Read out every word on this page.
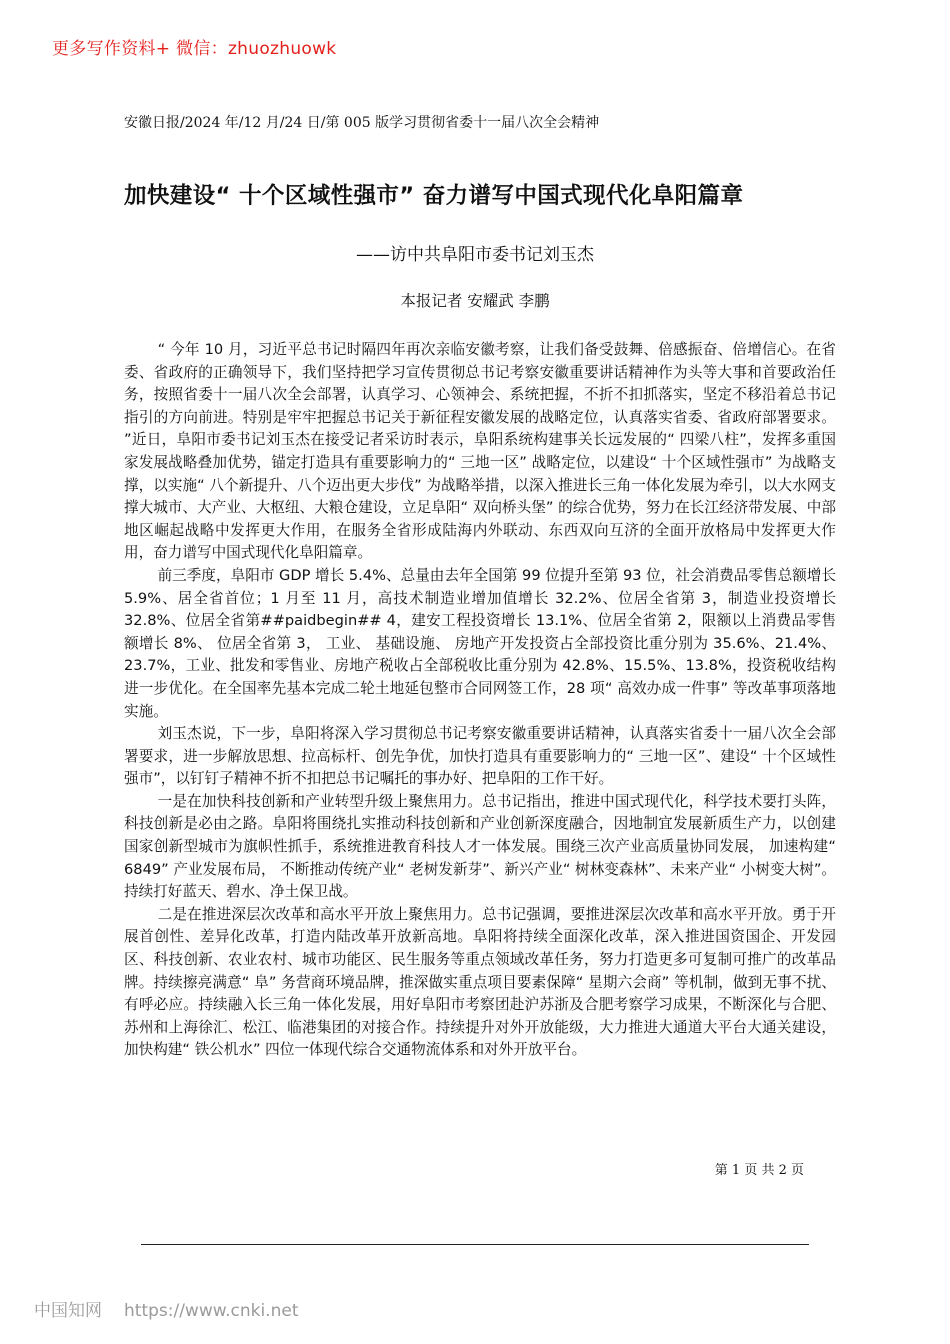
更多写作资料+ 微信：zhuozhuowk
安徽日报/2024 年/12 月/24 日/第 005 版学习贯彻省委十一届八次全会精神
加快建设“ 十个区域性强市” 奋力谱写中国式现代化阜阳篇章
——访中共阜阳市委书记刘玉杰
本报记者 安耀武 李鹏

“ 今年 10 月，习近平总书记时隔四年再次亲临安徽考察，让我们备受鼓舞、倍感振奋、倍增信心。在省委、省政府的正确领导下，我们坚持把学习宣传贯彻总书记考察安徽重要讲话精神作为头等大事和首要政治任务，按照省委十一届八次全会部署，认真学习、心领神会、系统把握，不折不扣抓落实，坚定不移沿着总书记指引的方向前进。特别是牢牢把握总书记关于新征程安徽发展的战略定位，认真落实省委、省政府部署要求。 ”近日，阜阳市委书记刘玉杰在接受记者采访时表示，阜阳系统构建事关长远发展的“ 四梁八柱”，发挥多重国家发展战略叠加优势，锚定打造具有重要影响力的“ 三地一区” 战略定位，以建设“ 十个区域性强市” 为战略支撑，以实施“ 八个新提升、八个迈出更大步伐” 为战略举措，以深入推进长三角一体化发展为牵引，以大水网支撑大城市、大产业、大枢纽、大粮仓建设，立足阜阳“ 双向桥头堡” 的综合优势，努力在长江经济带发展、中部地区崛起战略中发挥更大作用，在服务全省形成陆海内外联动、东西双向互济的全面开放格局中发挥更大作用，奋力谱写中国式现代化阜阳篇章。

前三季度，阜阳市 GDP 增长 5.4%、总量由去年全国第 99 位提升至第 93 位，社会消费品零售总额增长 5.9%、居全省首位；1 月至 11 月，高技术制造业增加值增长 32.2%、位居全省第 3，制造业投资增长 32.8%、位居全省第##paidbegin## 4，建安工程投资增长 13.1%、位居全省第 2，限额以上消费品零售额增长 8%、 位居全省第 3， 工业、 基础设施、 房地产开发投资占全部投资比重分别为 35.6%、21.4%、23.7%，工业、批发和零售业、房地产税收占全部税收比重分别为 42.8%、15.5%、13.8%，投资税收结构进一步优化。在全国率先基本完成二轮土地延包整市合同网签工作，28 项“ 高效办成一件事” 等改革事项落地实施。

刘玉杰说，下一步，阜阳将深入学习贯彻总书记考察安徽重要讲话精神，认真落实省委十一届八次全会部署要求，进一步解放思想、拉高标杆、创先争优，加快打造具有重要影响力的“ 三地一区”、建设“ 十个区域性强市”，以钉钉子精神不折不扣把总书记嘱托的事办好、把阜阳的工作干好。

一是在加快科技创新和产业转型升级上聚焦用力。总书记指出，推进中国式现代化，科学技术要打头阵，科技创新是必由之路。阜阳将围绕扎实推动科技创新和产业创新深度融合，因地制宜发展新质生产力，以创建国家创新型城市为旗帜性抓手，系统推进教育科技人才一体发展。围绕三次产业高质量协同发展， 加速构建“ 6849” 产业发展布局， 不断推动传统产业“ 老树发新芽”、新兴产业“ 树林变森林”、未来产业“ 小树变大树”。持续打好蓝天、碧水、净土保卫战。

二是在推进深层次改革和高水平开放上聚焦用力。总书记强调，要推进深层次改革和高水平开放。勇于开展首创性、差异化改革，打造内陆改革开放新高地。阜阳将持续全面深化改革，深入推进国资国企、开发园区、科技创新、农业农村、城市功能区、民生服务等重点领域改革任务，努力打造更多可复制可推广的改革品牌。持续擦亮满意“ 阜” 务营商环境品牌，推深做实重点项目要素保障“ 星期六会商” 等机制，做到无事不扰、有呼必应。持续融入长三角一体化发展，用好阜阳市考察团赴沪苏浙及合肥考察学习成果，不断深化与合肥、苏州和上海徐汇、松江、临港集团的对接合作。持续提升对外开放能级，大力推进大通道大平台大通关建设，加快构建“ 铁公机水” 四位一体现代综合交通物流体系和对外开放平台。

第 1 页 共 2 页
中国知网 https://www.cnki.net
